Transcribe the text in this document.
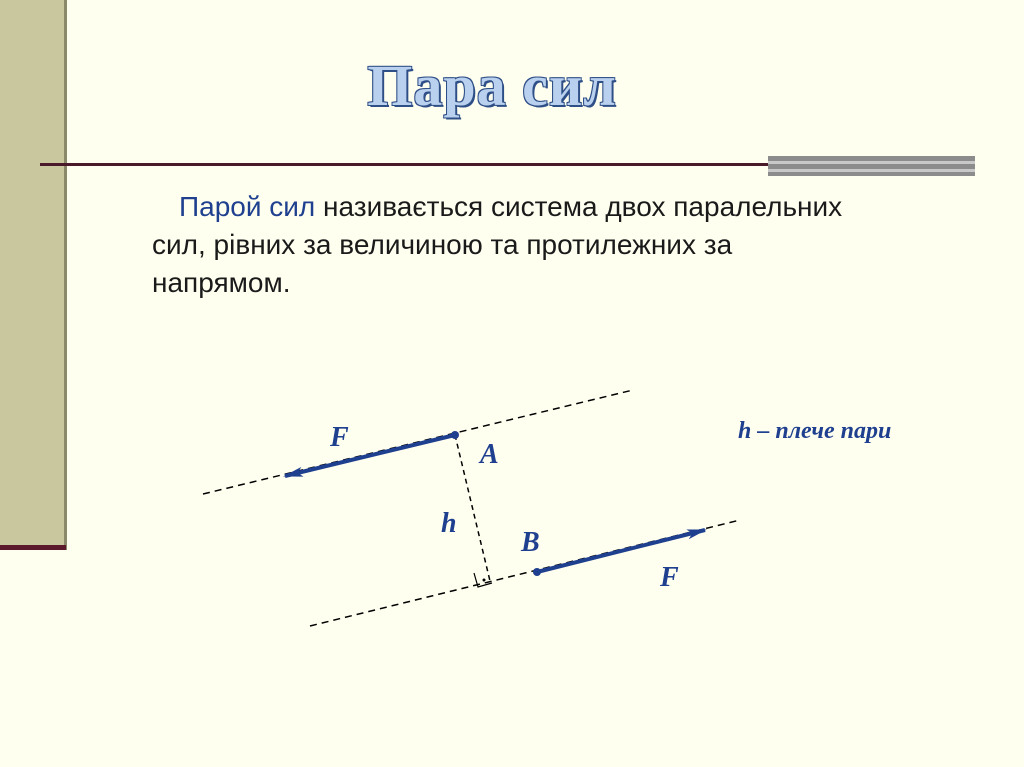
Пара сил
Парой сил називається система двох паралельних сил, рівних за величиною та протилежних за напрямом.
F
A
h
B
F
h – плече пари
